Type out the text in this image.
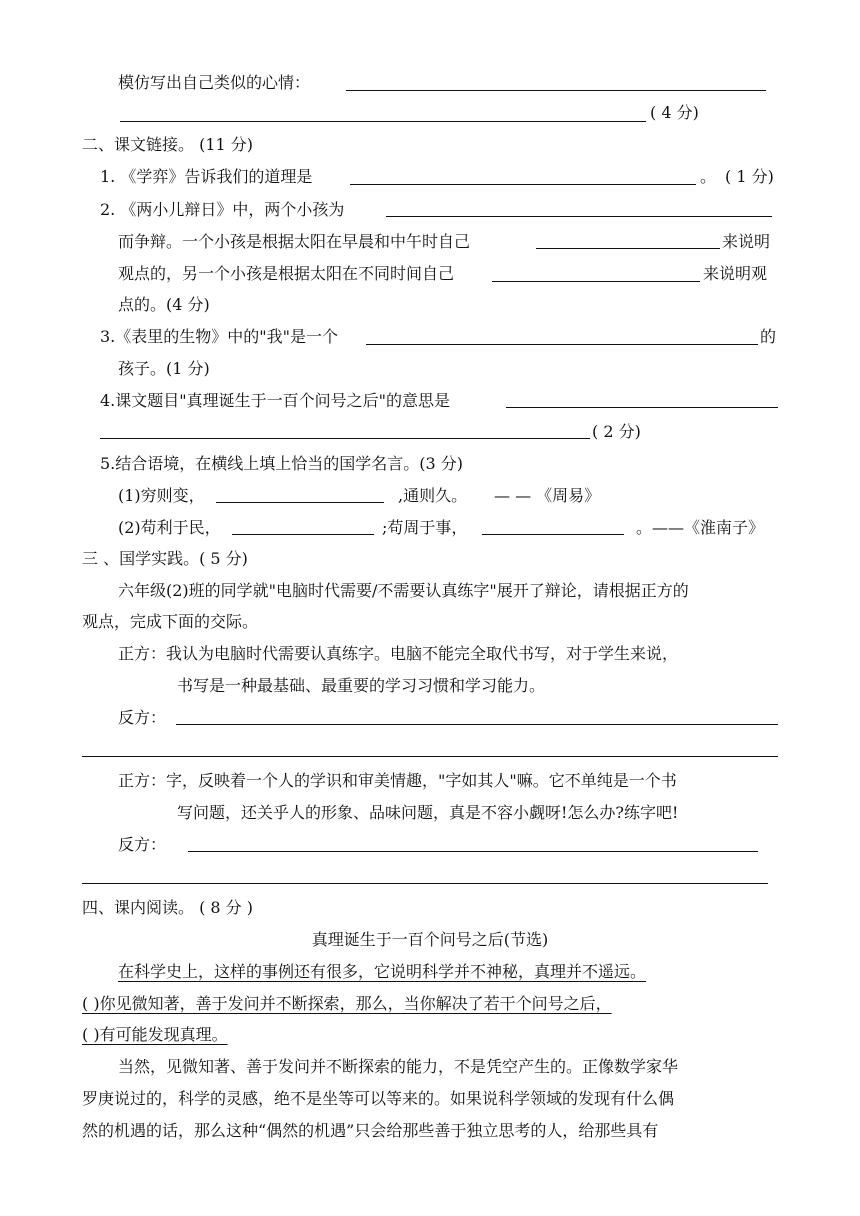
模仿写出自己类似的心情：
( 4 分)
二、课文链接。 (11 分)
1. 《学弈》告诉我们的道理是	。 ( 1 分)
2. 《两小儿辩日》中，两个小孩为
而争辩。一个小孩是根据太阳在早晨和中午时自己	来说明
观点的，另一个小孩是根据太阳在不同时间自己	来说明观
点的。(4 分)
3.《表里的生物》中的"我"是一个	的
孩子。(1 分)
4.课文题目"真理诞生于一百个问号之后"的意思是
( 2 分)
5.结合语境，在横线上填上恰当的国学名言。(3 分)
(1)穷则变，	,通则久。 — — 《周易》
(2)苟利于民，	;苟周于事，	。——《淮南子》
三 、国学实践。( 5 分)
六年级(2)班的同学就"电脑时代需要/不需要认真练字"展开了辩论，请根据正方的
观点，完成下面的交际。
正方：我认为电脑时代需要认真练字。电脑不能完全取代书写，对于学生来说，
书写是一种最基础、最重要的学习习惯和学习能力。
反方：
正方：字，反映着一个人的学识和审美情趣，"字如其人"嘛。它不单纯是一个书
写问题，还关乎人的形象、品味问题，真是不容小觑呀!怎么办?练字吧!
反方：
四、课内阅读。 ( 8 分 )
真理诞生于一百个问号之后(节选)
在科学史上，这样的事例还有很多，它说明科学并不神秘，真理并不遥远。
( )你见微知著，善于发问并不断探索，那么，当你解决了若干个问号之后，
( )有可能发现真理。
当然，见微知著、善于发问并不断探索的能力，不是凭空产生的。正像数学家华
罗庚说过的，科学的灵感，绝不是坐等可以等来的。如果说科学领域的发现有什么偶
然的机遇的话，那么这种“偶然的机遇”只会给那些善于独立思考的人，给那些具有
